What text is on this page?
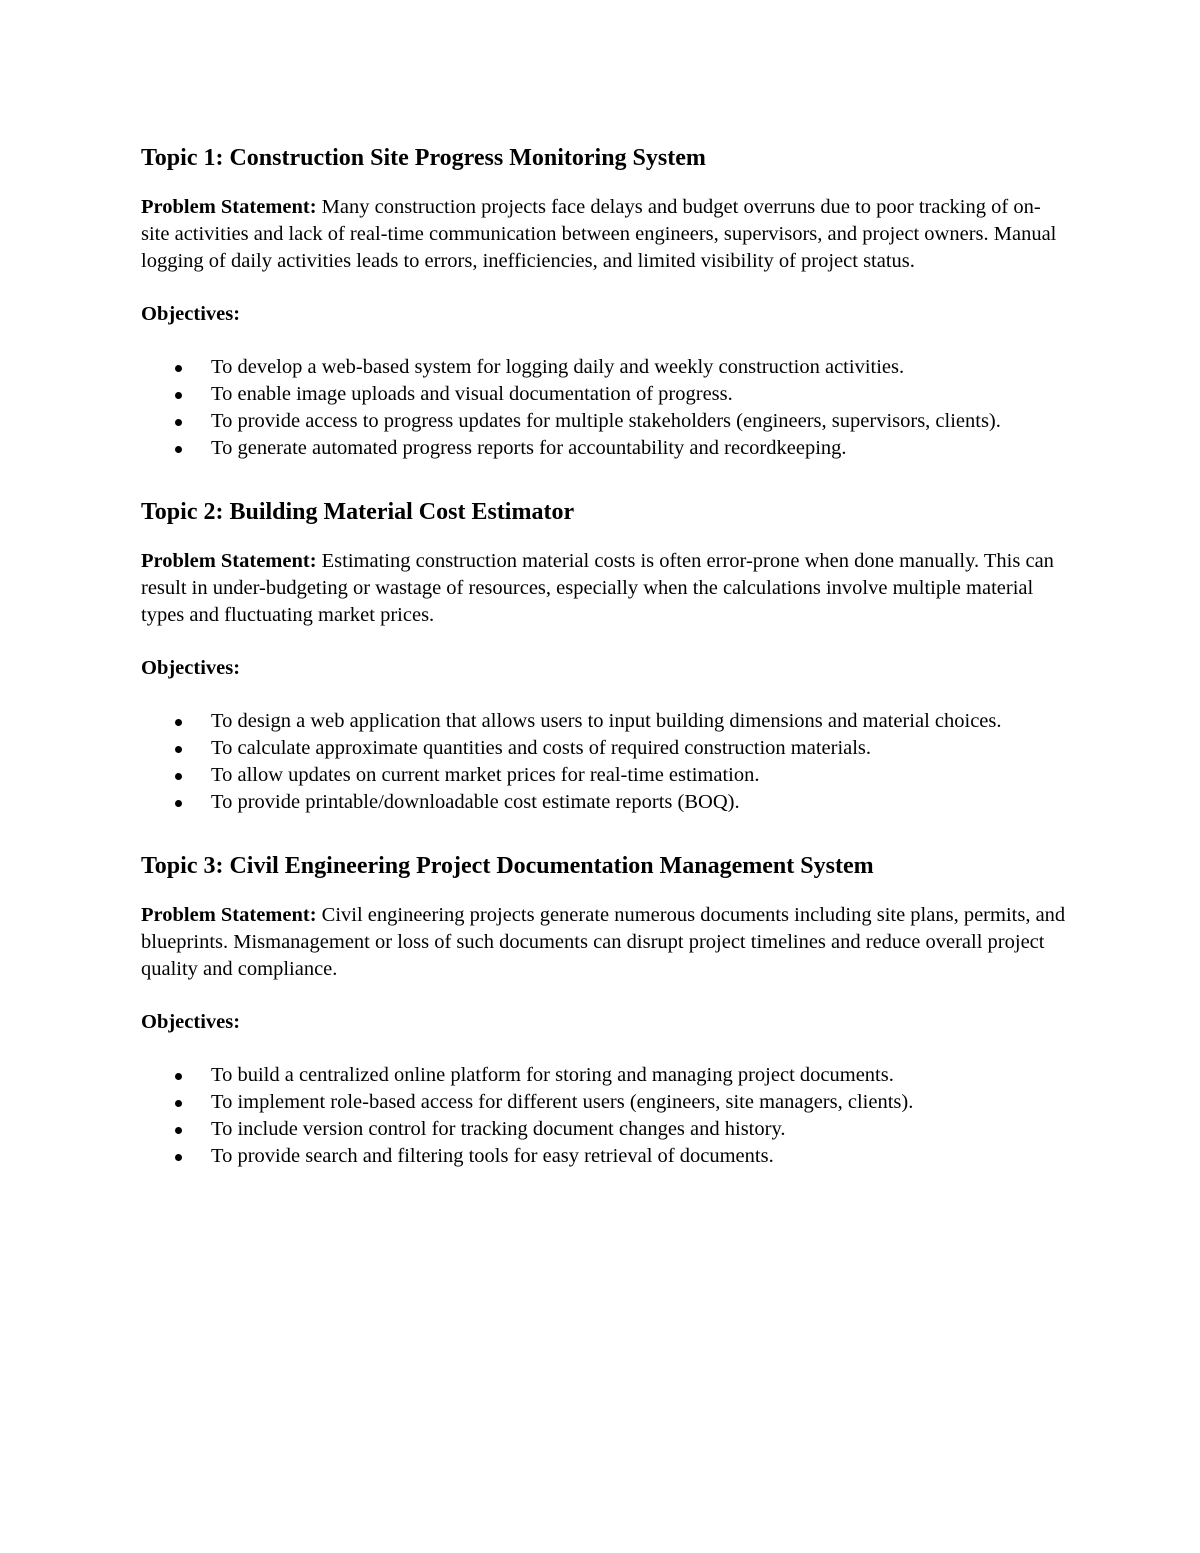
Topic 1: Construction Site Progress Monitoring System

Problem Statement: Many construction projects face delays and budget overruns due to poor tracking of on-site activities and lack of real-time communication between engineers, supervisors, and project owners. Manual logging of daily activities leads to errors, inefficiencies, and limited visibility of project status.

Objectives:

To develop a web-based system for logging daily and weekly construction activities.
To enable image uploads and visual documentation of progress.
To provide access to progress updates for multiple stakeholders (engineers, supervisors, clients).
To generate automated progress reports for accountability and recordkeeping.
Topic 2: Building Material Cost Estimator

Problem Statement: Estimating construction material costs is often error-prone when done manually. This can result in under-budgeting or wastage of resources, especially when the calculations involve multiple material types and fluctuating market prices.

Objectives:

To design a web application that allows users to input building dimensions and material choices.
To calculate approximate quantities and costs of required construction materials.
To allow updates on current market prices for real-time estimation.
To provide printable/downloadable cost estimate reports (BOQ).
Topic 3: Civil Engineering Project Documentation Management System

Problem Statement: Civil engineering projects generate numerous documents including site plans, permits, and blueprints. Mismanagement or loss of such documents can disrupt project timelines and reduce overall project quality and compliance.

Objectives:

To build a centralized online platform for storing and managing project documents.
To implement role-based access for different users (engineers, site managers, clients).
To include version control for tracking document changes and history.
To provide search and filtering tools for easy retrieval of documents.
